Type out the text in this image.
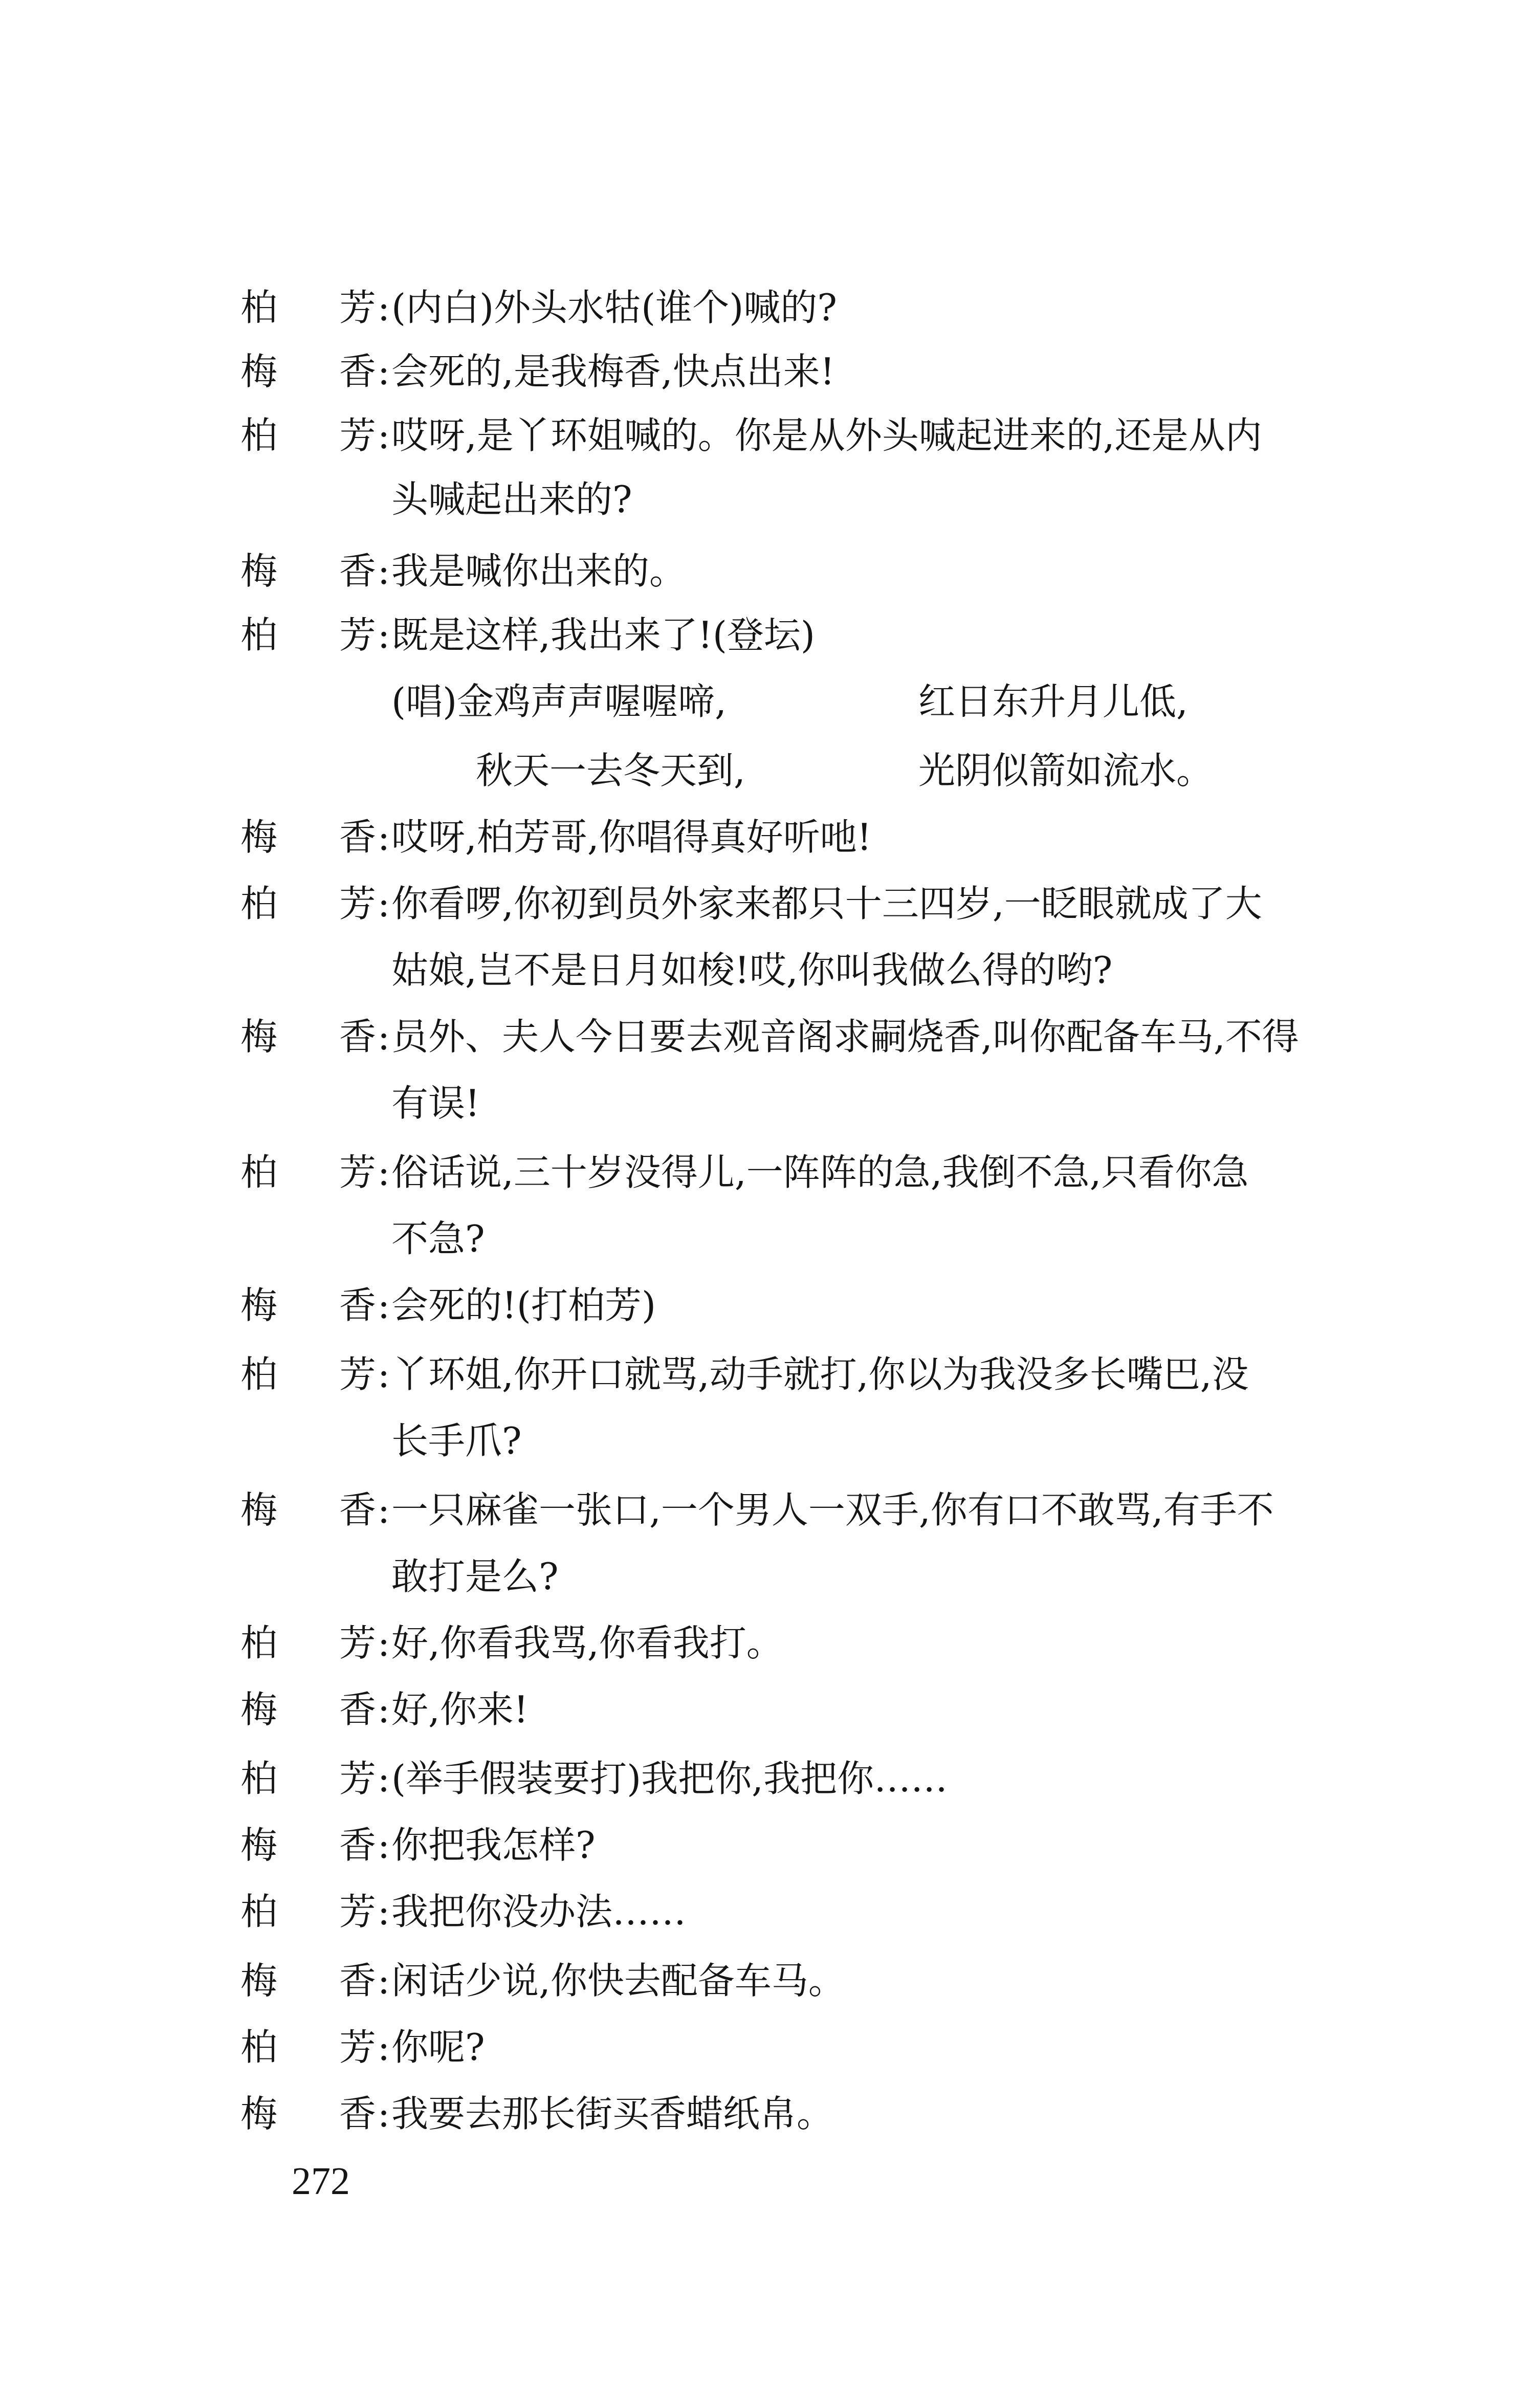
柏芳:(内白)外头水牯(谁个)喊的?
梅香:会死的,是我梅香,快点出来!
柏芳:哎呀,是丫环姐喊的。你是从外头喊起进来的,还是从内
头喊起出来的?
梅香:我是喊你出来的。
柏芳:既是这样,我出来了!(登坛)
(唱)金鸡声声喔喔啼,	红日东升月儿低,
秋天一去冬天到,	光阴似箭如流水。
梅香:哎呀,柏芳哥,你唱得真好听吔!
柏芳:你看啰,你初到员外家来都只十三四岁,一眨眼就成了大
姑娘,岂不是日月如梭!哎,你叫我做么得的哟?
梅香:员外、夫人今日要去观音阁求嗣烧香,叫你配备车马,不得
有误!
柏芳:俗话说,三十岁没得儿,一阵阵的急,我倒不急,只看你急
不急?
梅香:会死的!(打柏芳)
柏芳:丫环姐,你开口就骂,动手就打,你以为我没多长嘴巴,没
长手爪?
梅香:一只麻雀一张口,一个男人一双手,你有口不敢骂,有手不
敢打是么?
柏芳:好,你看我骂,你看我打。
梅香:好,你来!
柏芳:(举手假装要打)我把你,我把你……
梅香:你把我怎样?
柏芳:我把你没办法……
梅香:闲话少说,你快去配备车马。
柏芳:你呢?
梅香:我要去那长街买香蜡纸帛。
272
